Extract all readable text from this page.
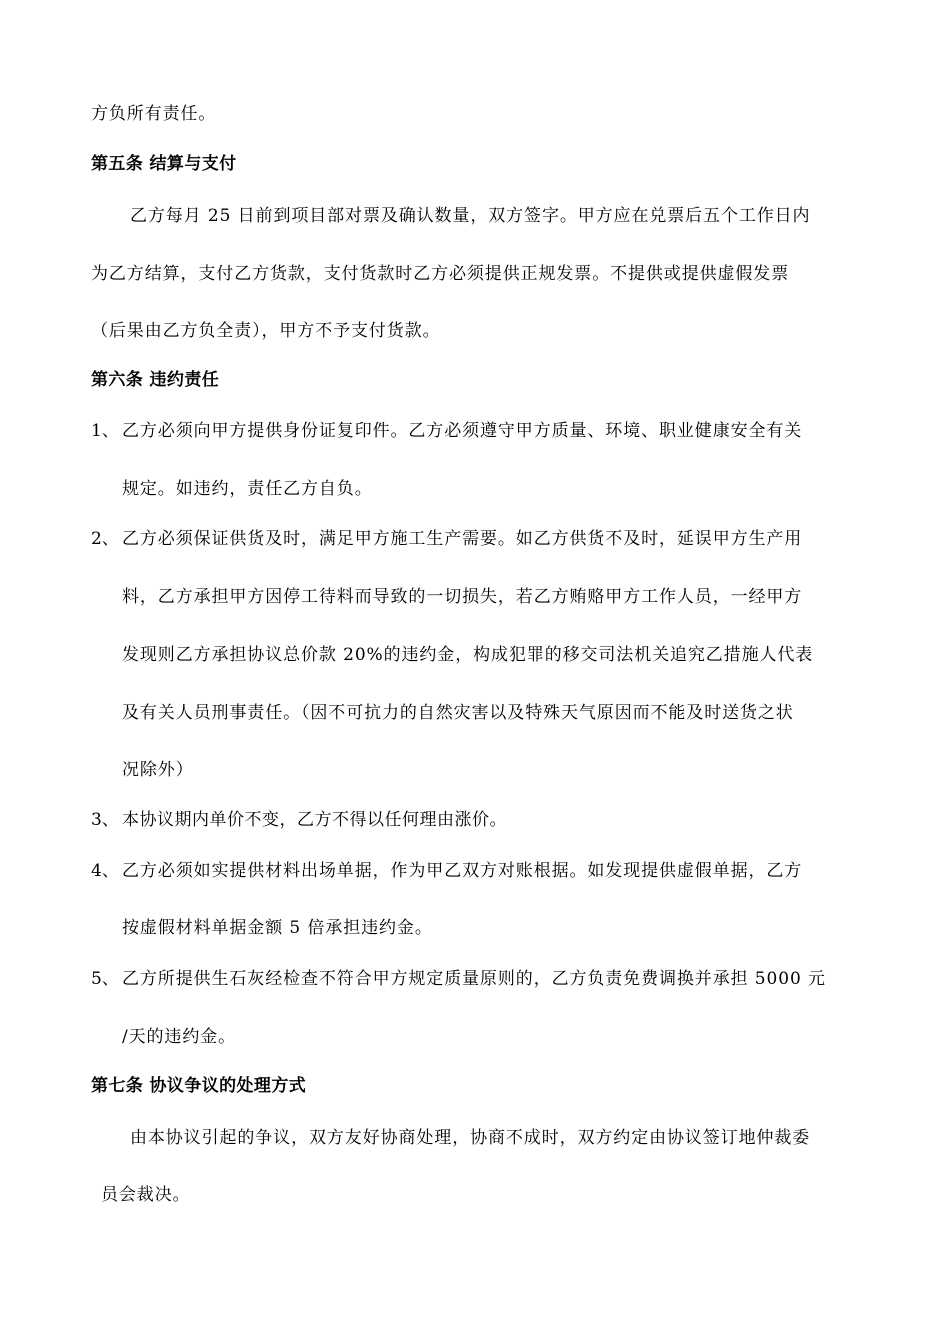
方负所有责任。
第五条 结算与支付
乙方每月 25 日前到项目部对票及确认数量，双方签字。甲方应在兑票后五个工作日内
为乙方结算，支付乙方货款，支付货款时乙方必须提供正规发票。不提供或提供虚假发票
（后果由乙方负全责），甲方不予支付货款。
第六条 违约责任
1、 乙方必须向甲方提供身份证复印件。乙方必须遵守甲方质量、环境、职业健康安全有关
规定。如违约，责任乙方自负。
2、 乙方必须保证供货及时，满足甲方施工生产需要。如乙方供货不及时，延误甲方生产用
料，乙方承担甲方因停工待料而导致的一切损失，若乙方贿赂甲方工作人员，一经甲方
发现则乙方承担协议总价款 20%的违约金，构成犯罪的移交司法机关追究乙措施人代表
及有关人员刑事责任。（因不可抗力的自然灾害以及特殊天气原因而不能及时送货之状
况除外）
3、 本协议期内单价不变，乙方不得以任何理由涨价。
4、 乙方必须如实提供材料出场单据，作为甲乙双方对账根据。如发现提供虚假单据，乙方
按虚假材料单据金额 5 倍承担违约金。
5、 乙方所提供生石灰经检查不符合甲方规定质量原则的，乙方负责免费调换并承担 5000 元
/天的违约金。
第七条 协议争议的处理方式
由本协议引起的争议，双方友好协商处理，协商不成时，双方约定由协议签订地仲裁委
员会裁决。
